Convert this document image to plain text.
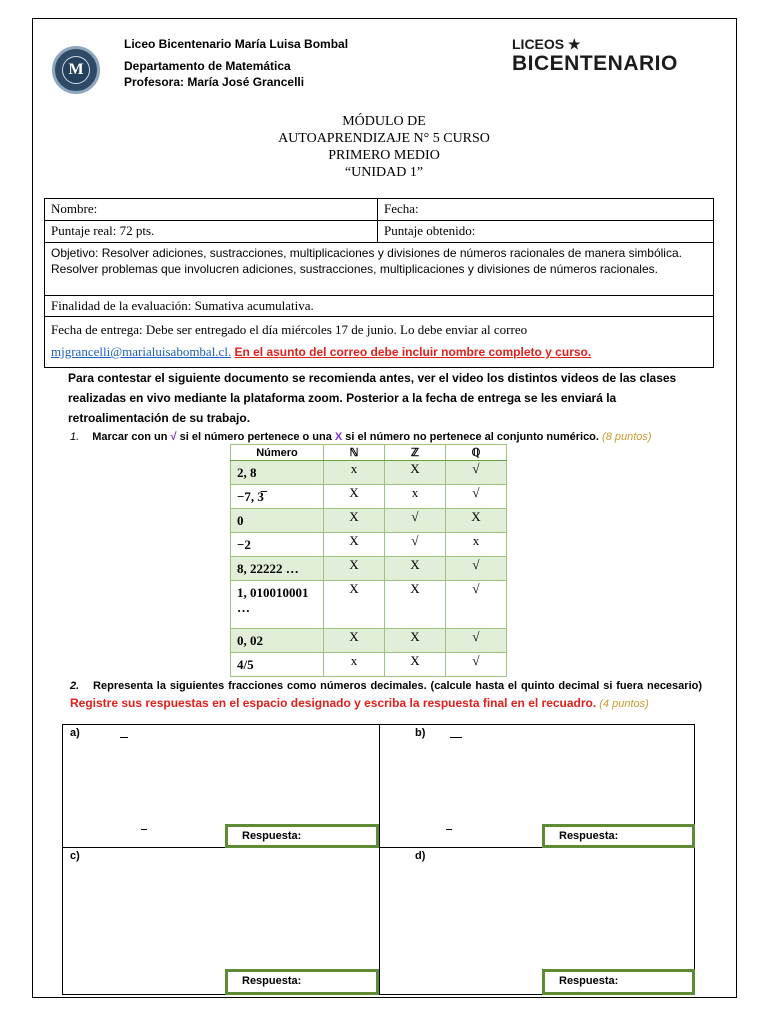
M
Liceo Bicentenario María Luisa Bombal
Departamento de Matemática
Profesora: María José Grancelli
LICEOS ★
BICENTENARIO
MÓDULO DE
AUTOAPRENDIZAJE N° 5 CURSO
PRIMERO MEDIO
“UNIDAD 1”
Nombre:	Fecha:
Puntaje real: 72 pts.	Puntaje obtenido:
Objetivo: Resolver adiciones, sustracciones, multiplicaciones y divisiones de números racionales de manera simbólica. Resolver problemas que involucren adiciones, sustracciones, multiplicaciones y divisiones de números racionales.	
Finalidad de la evaluación: Sumativa acumulativa.	
Fecha de entrega: Debe ser entregado el día miércoles 17 de junio. Lo debe enviar al correo
mjgrancelli@marialuisabombal.cl. En el asunto del correo debe incluir nombre completo y curso.	
Para contestar el siguiente documento se recomienda antes, ver el video los distintos videos de las clases realizadas en vivo mediante la plataforma zoom. Posterior a la fecha de entrega se les enviará la retroalimentación de su trabajo.
1. Marcar con un √ si el número pertenece o una X si el número no pertenece al conjunto numérico. (8 puntos)
Número	ℕ	ℤ	ℚ
2, 8	x	X	√
−7, 3̅	X	x	√
0	X	√	X
−2	X	√	x
8, 22222 …	X	X	√
1, 010010001 …	X	X	√
0, 02	X	X	√
4/5	x	X	√
2. Representa la siguientes fracciones como números decimales. (calcule hasta el quinto decimal si fuera necesario) Registre sus respuestas en el espacio designado y escriba la respuesta final en el recuadro. (4 puntos)
a)	b)
c)	d)
Respuesta:	Respuesta:
Respuesta:	Respuesta:
